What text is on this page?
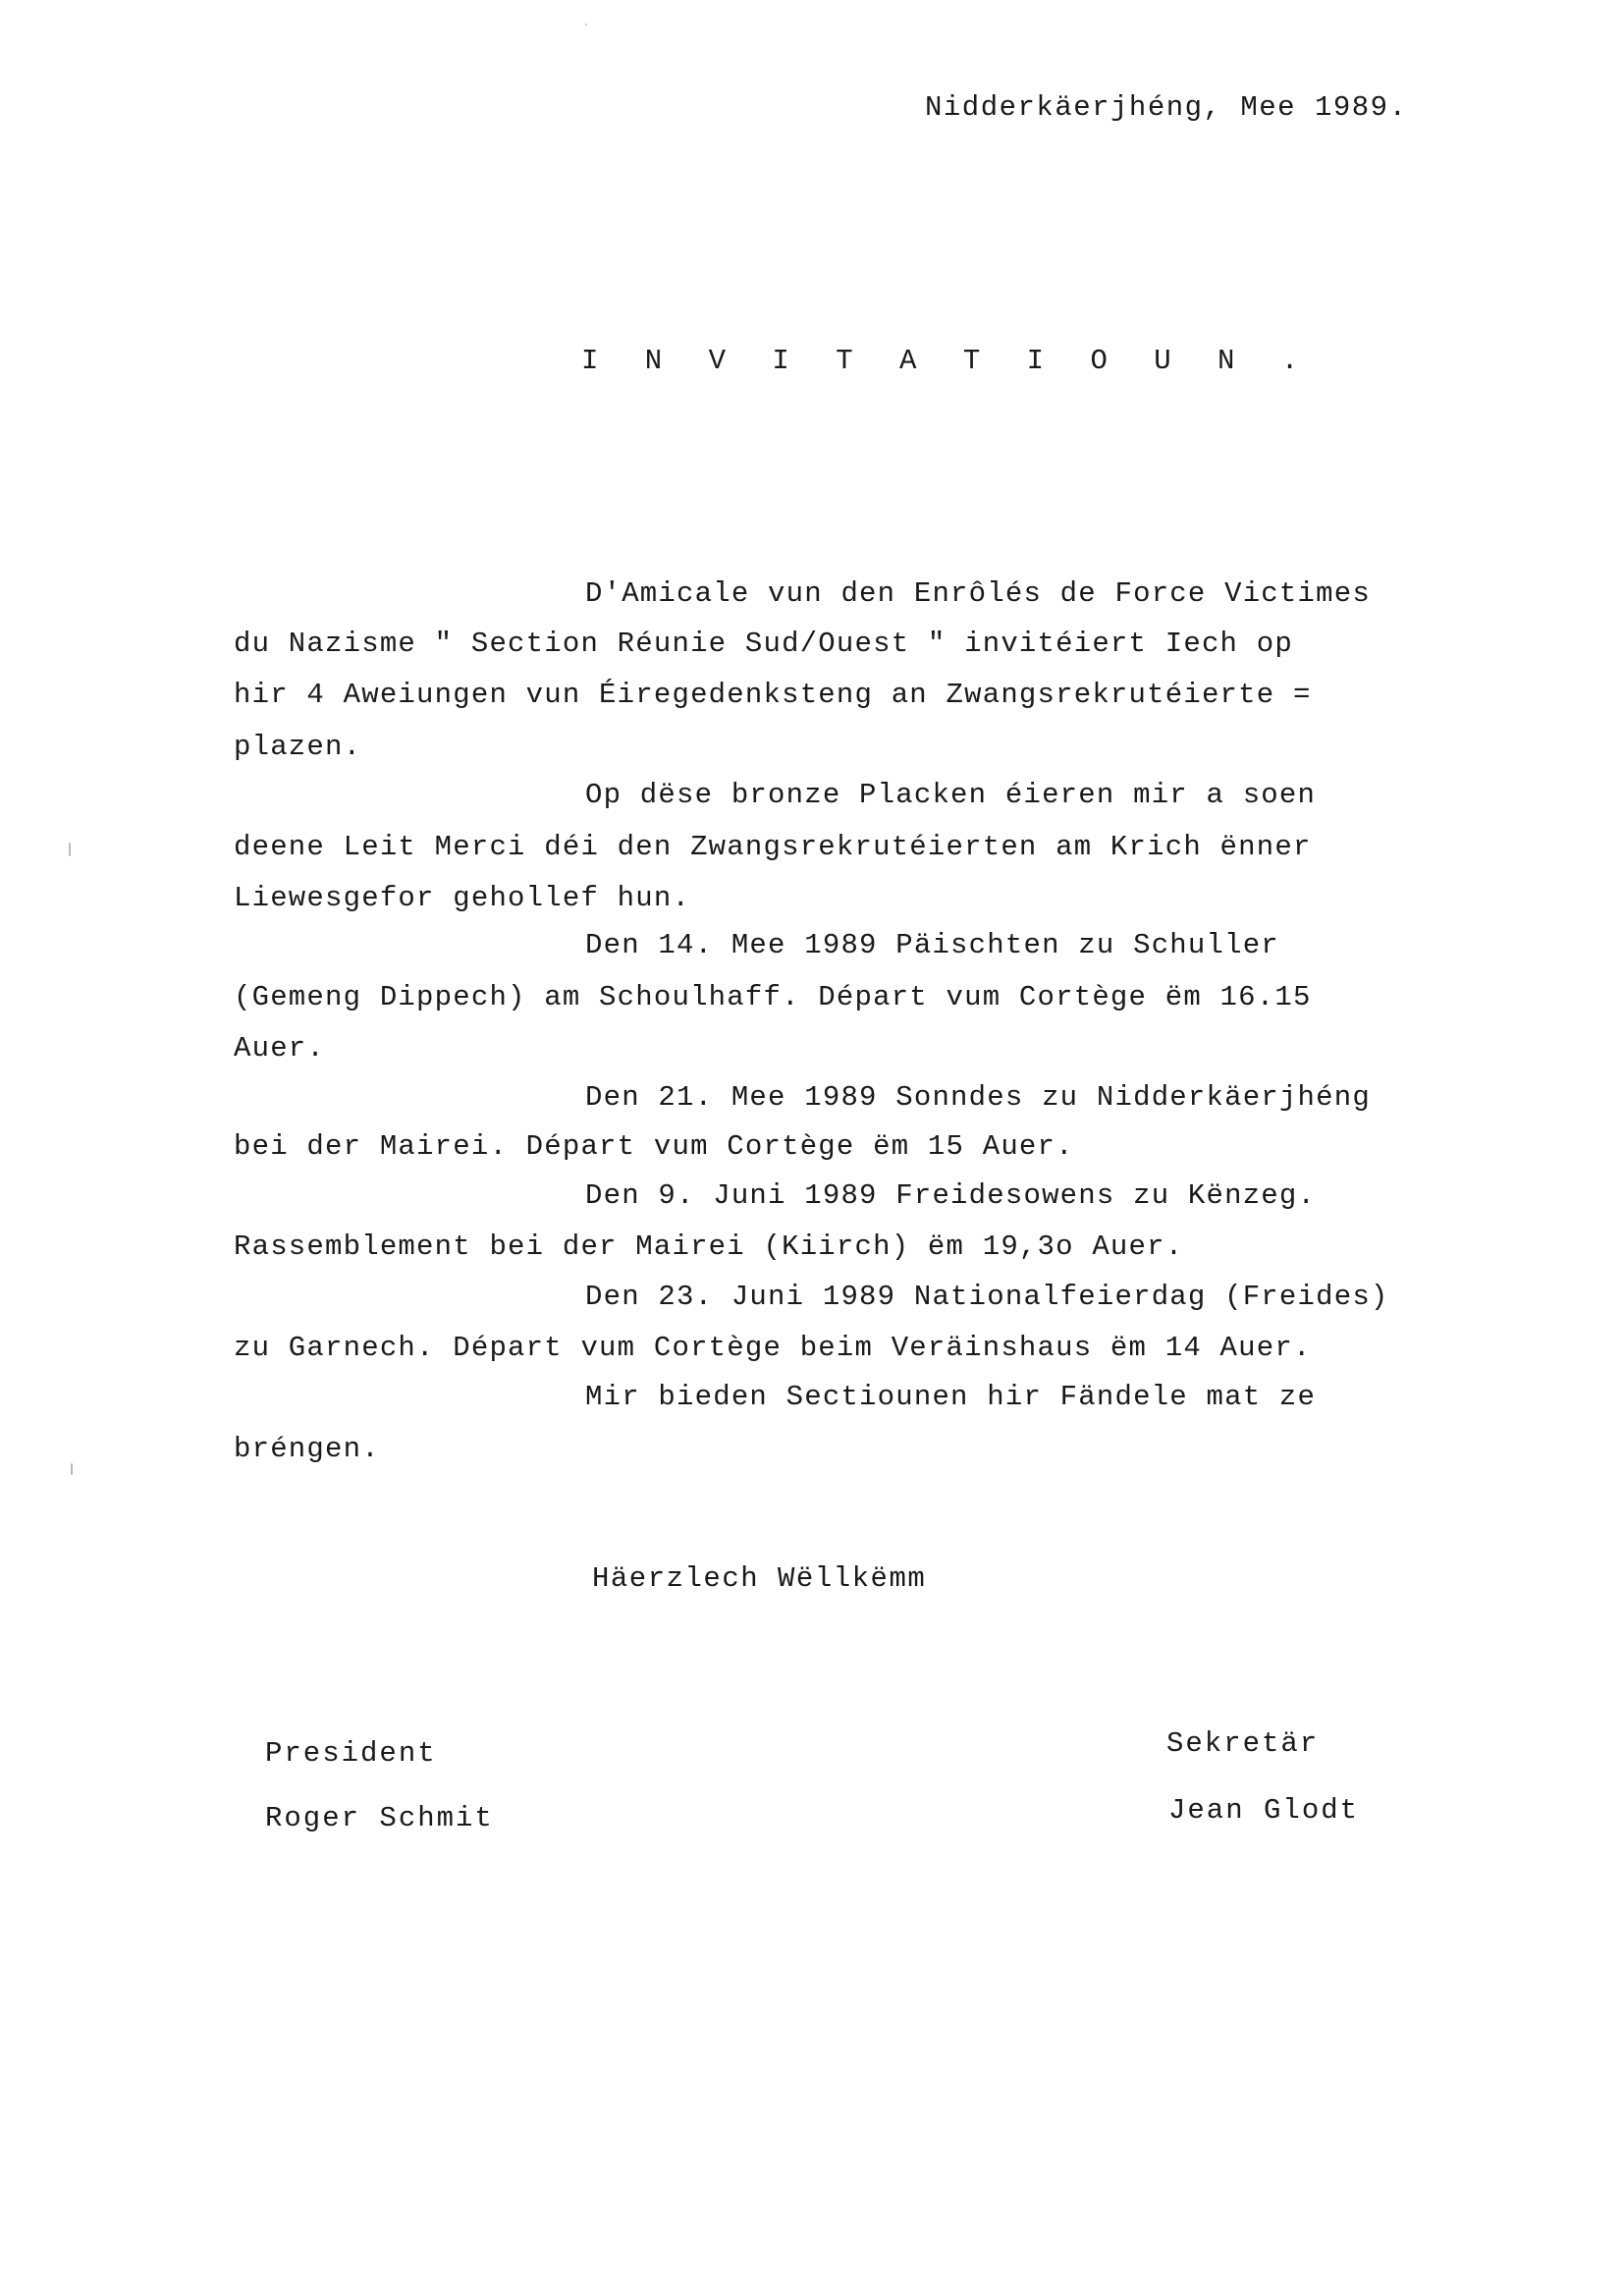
Nidderkäerjhéng, Mee 1989.
I N V I T A T I O U N .
D'Amicale vun den Enrôlés de Force Victimes
du Nazisme " Section Réunie Sud/Ouest " invitéiert Iech op
hir 4 Aweiungen vun Éiregedenksteng an Zwangsrekrutéierte =
plazen.
Op dëse bronze Placken éieren mir a soen
deene Leit Merci déi den Zwangsrekrutéierten am Krich ënner
Liewesgefor gehollef hun.
Den 14. Mee 1989 Päischten zu Schuller
(Gemeng Dippech) am Schoulhaff. Départ vum Cortège ëm 16.15
Auer.
Den 21. Mee 1989 Sonndes zu Nidderkäerjhéng
bei der Mairei. Départ vum Cortège ëm 15 Auer.
Den 9. Juni 1989 Freidesowens zu Kënzeg.
Rassemblement bei der Mairei (Kiirch) ëm 19,3o Auer.
Den 23. Juni 1989 Nationalfeierdag (Freides)
zu Garnech. Départ vum Cortège beim Veräinshaus ëm 14 Auer.
Mir bieden Sectiounen hir Fändele mat ze
bréngen.
Häerzlech Wëllkëmm
President
Roger Schmit
Sekretär
Jean Glodt
